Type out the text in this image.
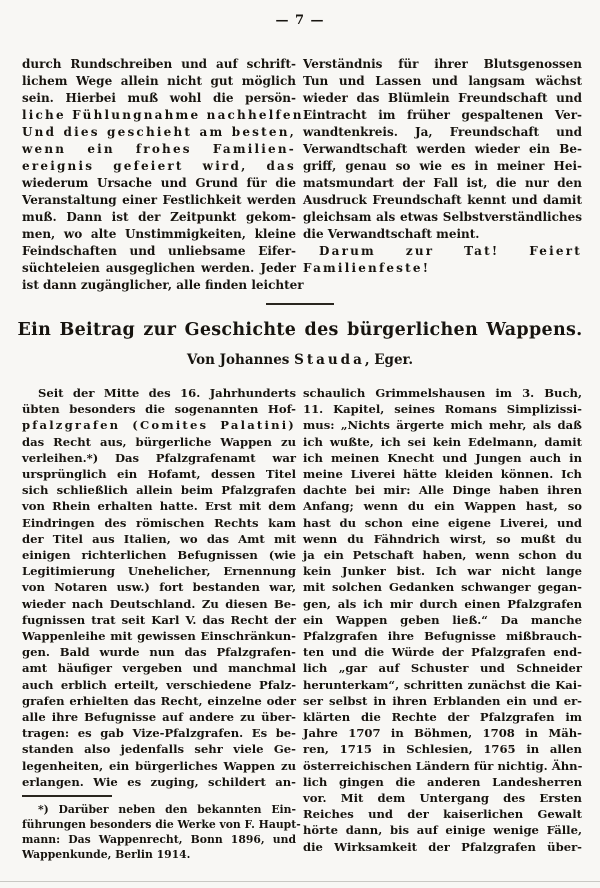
— 7 —
durch Rundschreiben und auf schrift-
lichem Wege allein nicht gut möglich
sein. Hierbei muß wohl die persön-
liche Fühlungnahme nachhelfen.
Und dies geschieht am besten,
wenn ein frohes Familien-
ereignis gefeiert wird, das
wiederum Ursache und Grund für die
Veranstaltung einer Festlichkeit werden
muß. Dann ist der Zeitpunkt gekom-
men, wo alte Unstimmigkeiten, kleine
Feindschaften und unliebsame Eifer-
süchteleien ausgeglichen werden. Jeder
ist dann zugänglicher, alle finden leichter
Verständnis für ihrer Blutsgenossen
Tun und Lassen und langsam wächst
wieder das Blümlein Freundschaft und
Eintracht im früher gespaltenen Ver-
wandtenkreis. Ja, Freundschaft und
Verwandtschaft werden wieder ein Be-
griff, genau so wie es in meiner Hei-
matsmundart der Fall ist, die nur den
Ausdruck Freundschaft kennt und damit
gleichsam als etwas Selbstverständliches
die Verwandtschaft meint.
Darum zur Tat! Feiert
Familienfeste!
Ein Beitrag zur Geschichte des bürgerlichen Wappens.
Von Johannes Stauda, Eger.
Seit der Mitte des 16. Jahrhunderts
übten besonders die sogenannten Hof-
pfalzgrafen (Comites Palatini)
das Recht aus, bürgerliche Wappen zu
verleihen.*) Das Pfalzgrafenamt war
ursprünglich ein Hofamt, dessen Titel
sich schließlich allein beim Pfalzgrafen
von Rhein erhalten hatte. Erst mit dem
Eindringen des römischen Rechts kam
der Titel aus Italien, wo das Amt mit
einigen richterlichen Befugnissen (wie
Legitimierung Unehelicher, Ernennung
von Notaren usw.) fort bestanden war,
wieder nach Deutschland. Zu diesen Be-
fugnissen trat seit Karl V. das Recht der
Wappenleihe mit gewissen Einschränkun-
gen. Bald wurde nun das Pfalzgrafen-
amt häufiger vergeben und manchmal
auch erblich erteilt, verschiedene Pfalz-
grafen erhielten das Recht, einzelne oder
alle ihre Befugnisse auf andere zu über-
tragen: es gab Vize-Pfalzgrafen. Es be-
standen also jedenfalls sehr viele Ge-
legenheiten, ein bürgerliches Wappen zu
erlangen. Wie es zuging, schildert an-
*) Darüber neben den bekannten Ein-
führungen besonders die Werke von F. Haupt-
mann: Das Wappenrecht, Bonn 1896, und
Wappenkunde, Berlin 1914.
schaulich Grimmelshausen im 3. Buch,
11. Kapitel, seines Romans Simplizissi-
mus: „Nichts ärgerte mich mehr, als daß
ich wußte, ich sei kein Edelmann, damit
ich meinen Knecht und Jungen auch in
meine Liverei hätte kleiden können. Ich
dachte bei mir: Alle Dinge haben ihren
Anfang; wenn du ein Wappen hast, so
hast du schon eine eigene Liverei, und
wenn du Fähndrich wirst, so mußt du
ja ein Petschaft haben, wenn schon du
kein Junker bist. Ich war nicht lange
mit solchen Gedanken schwanger gegan-
gen, als ich mir durch einen Pfalzgrafen
ein Wappen geben ließ.“ Da manche
Pfalzgrafen ihre Befugnisse mißbrauch-
ten und die Würde der Pfalzgrafen end-
lich „gar auf Schuster und Schneider
herunterkam“, schritten zunächst die Kai-
ser selbst in ihren Erblanden ein und er-
klärten die Rechte der Pfalzgrafen im
Jahre 1707 in Böhmen, 1708 in Mäh-
ren, 1715 in Schlesien, 1765 in allen
österreichischen Ländern für nichtig. Ähn-
lich gingen die anderen Landesherren
vor. Mit dem Untergang des Ersten
Reiches und der kaiserlichen Gewalt
hörte dann, bis auf einige wenige Fälle,
die Wirksamkeit der Pfalzgrafen über-
